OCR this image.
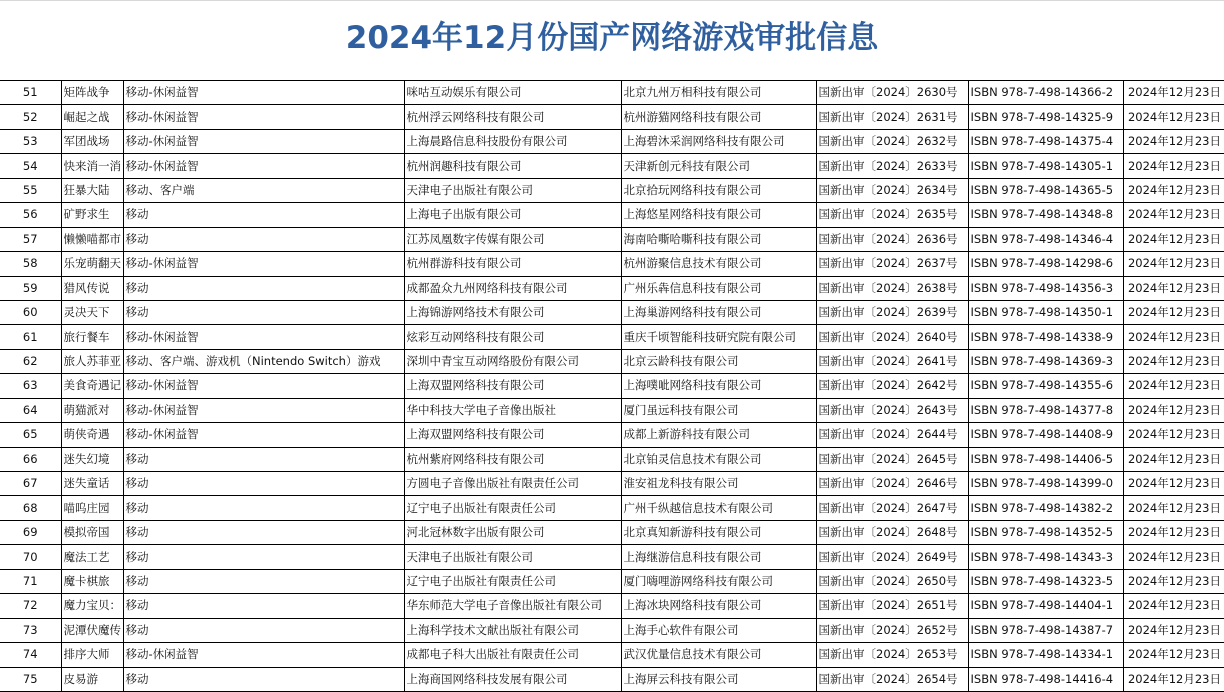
2024年12月份国产网络游戏审批信息
51	矩阵战争	移动-休闲益智	咪咕互动娱乐有限公司	北京九州万相科技有限公司	国新出审〔2024〕2630号	ISBN 978-7-498-14366-2	2024年12月23日
52	崛起之战	移动-休闲益智	杭州浮云网络科技有限公司	杭州游猫网络科技有限公司	国新出审〔2024〕2631号	ISBN 978-7-498-14325-9	2024年12月23日
53	军团战场	移动-休闲益智	上海晨路信息科技股份有限公司	上海碧沐采润网络科技有限公司	国新出审〔2024〕2632号	ISBN 978-7-498-14375-4	2024年12月23日
54	快来消一消	移动-休闲益智	杭州润趣科技有限公司	天津新创元科技有限公司	国新出审〔2024〕2633号	ISBN 978-7-498-14305-1	2024年12月23日
55	狂暴大陆	移动、客户端	天津电子出版社有限公司	北京拾玩网络科技有限公司	国新出审〔2024〕2634号	ISBN 978-7-498-14365-5	2024年12月23日
56	矿野求生	移动	上海电子出版有限公司	上海悠星网络科技有限公司	国新出审〔2024〕2635号	ISBN 978-7-498-14348-8	2024年12月23日
57	懒懒喵都市	移动	江苏凤凰数字传媒有限公司	海南哈嘶哈嘶科技有限公司	国新出审〔2024〕2636号	ISBN 978-7-498-14346-4	2024年12月23日
58	乐宠萌翻天	移动-休闲益智	杭州群游科技有限公司	杭州游聚信息技术有限公司	国新出审〔2024〕2637号	ISBN 978-7-498-14298-6	2024年12月23日
59	猎风传说	移动	成都盈众九州网络科技有限公司	广州乐犇信息科技有限公司	国新出审〔2024〕2638号	ISBN 978-7-498-14356-3	2024年12月23日
60	灵决天下	移动	上海锦游网络技术有限公司	上海巢游网络科技有限公司	国新出审〔2024〕2639号	ISBN 978-7-498-14350-1	2024年12月23日
61	旅行餐车	移动-休闲益智	炫彩互动网络科技有限公司	重庆千顷智能科技研究院有限公司	国新出审〔2024〕2640号	ISBN 978-7-498-14338-9	2024年12月23日
62	旅人苏菲亚	移动、客户端、游戏机（Nintendo Switch）游戏	深圳中青宝互动网络股份有限公司	北京云龄科技有限公司	国新出审〔2024〕2641号	ISBN 978-7-498-14369-3	2024年12月23日
63	美食奇遇记	移动-休闲益智	上海双盟网络科技有限公司	上海噗呲网络科技有限公司	国新出审〔2024〕2642号	ISBN 978-7-498-14355-6	2024年12月23日
64	萌猫派对	移动-休闲益智	华中科技大学电子音像出版社	厦门虽远科技有限公司	国新出审〔2024〕2643号	ISBN 978-7-498-14377-8	2024年12月23日
65	萌侠奇遇	移动-休闲益智	上海双盟网络科技有限公司	成都上新游科技有限公司	国新出审〔2024〕2644号	ISBN 978-7-498-14408-9	2024年12月23日
66	迷失幻境	移动	杭州紫府网络科技有限公司	北京铂灵信息技术有限公司	国新出审〔2024〕2645号	ISBN 978-7-498-14406-5	2024年12月23日
67	迷失童话	移动	方圆电子音像出版社有限责任公司	淮安祖龙科技有限公司	国新出审〔2024〕2646号	ISBN 978-7-498-14399-0	2024年12月23日
68	喵呜庄园	移动	辽宁电子出版社有限责任公司	广州千纵越信息技术有限公司	国新出审〔2024〕2647号	ISBN 978-7-498-14382-2	2024年12月23日
69	模拟帝国	移动	河北冠林数字出版有限公司	北京真知新游科技有限公司	国新出审〔2024〕2648号	ISBN 978-7-498-14352-5	2024年12月23日
70	魔法工艺	移动	天津电子出版社有限公司	上海继游信息科技有限公司	国新出审〔2024〕2649号	ISBN 978-7-498-14343-3	2024年12月23日
71	魔卡棋旅	移动	辽宁电子出版社有限责任公司	厦门嗨哩游网络科技有限公司	国新出审〔2024〕2650号	ISBN 978-7-498-14323-5	2024年12月23日
72	魔力宝贝：	移动	华东师范大学电子音像出版社有限公司	上海冰块网络科技有限公司	国新出审〔2024〕2651号	ISBN 978-7-498-14404-1	2024年12月23日
73	泥潭伏魔传	移动	上海科学技术文献出版社有限公司	上海手心软件有限公司	国新出审〔2024〕2652号	ISBN 978-7-498-14387-7	2024年12月23日
74	排序大师	移动-休闲益智	成都电子科大出版社有限责任公司	武汉优量信息技术有限公司	国新出审〔2024〕2653号	ISBN 978-7-498-14334-1	2024年12月23日
75	皮易游	移动	上海商国网络科技发展有限公司	上海屏云科技有限公司	国新出审〔2024〕2654号	ISBN 978-7-498-14416-4	2024年12月23日
